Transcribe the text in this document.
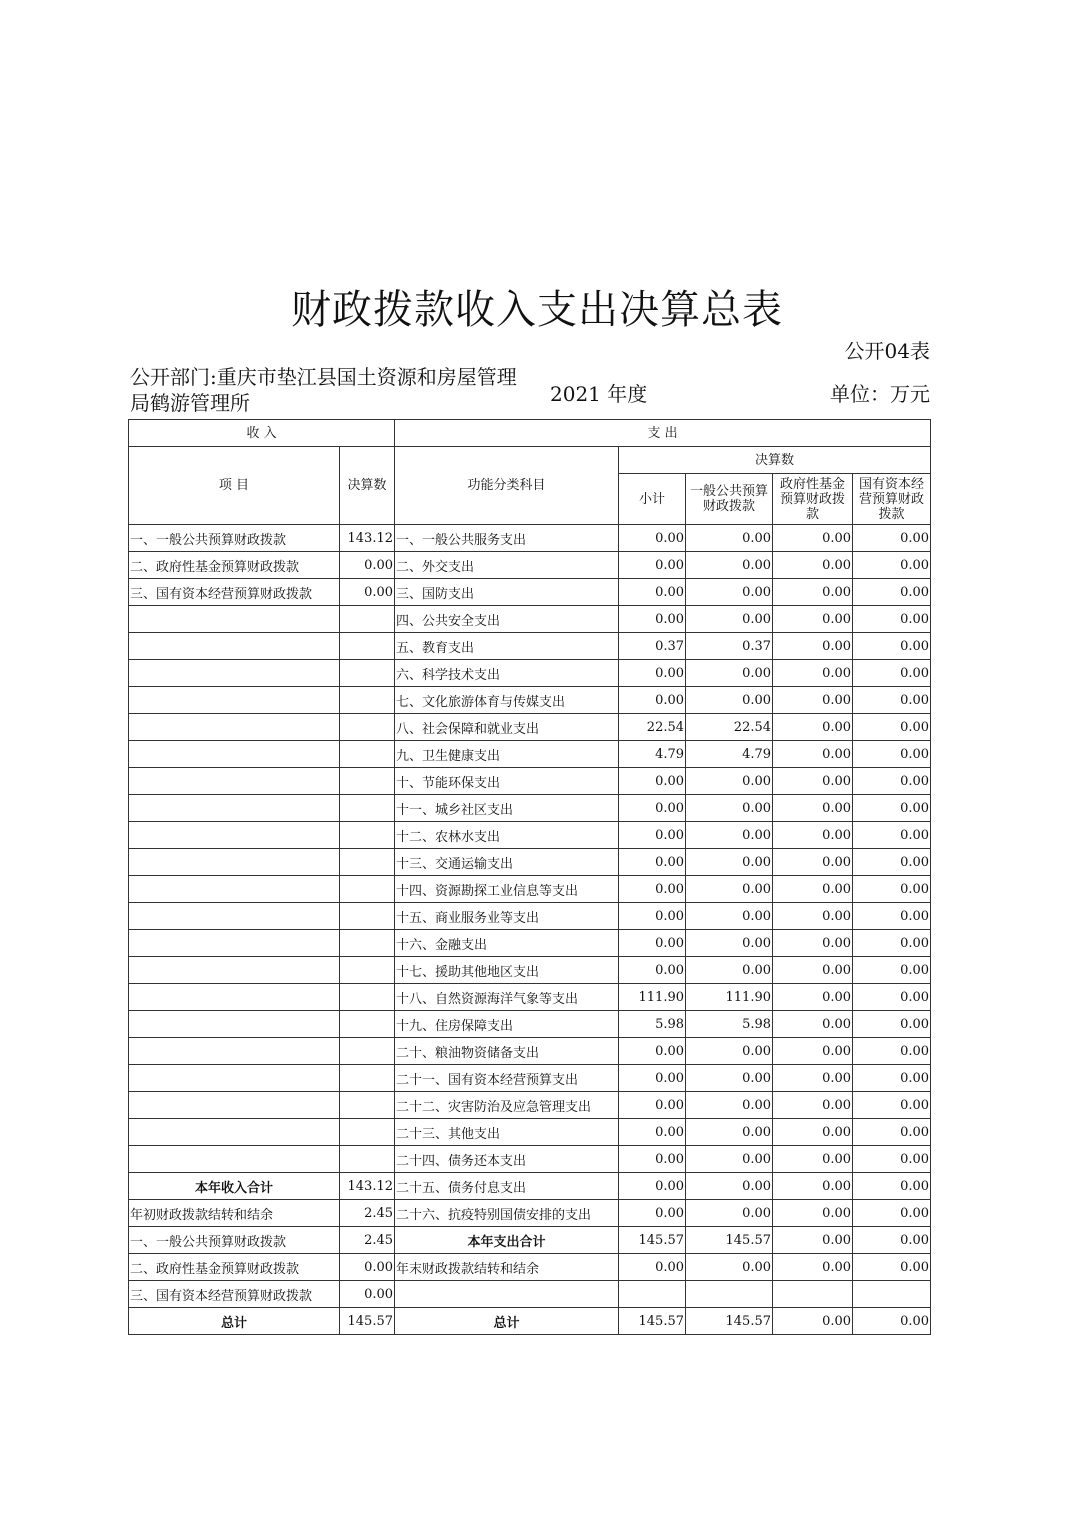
财政拨款收入支出决算总表
公开04表
公开部门:重庆市垫江县国土资源和房屋管理局鹤游管理所	2021 年度	单位：万元
收 入		支 出				
项 目	决算数	功能分类科目	决算数			
			小计	一般公共预算财政拨款	政府性基金预算财政拨款	国有资本经营预算财政拨款
一、一般公共预算财政拨款	143.12	一、一般公共服务支出	0.00	0.00	0.00	0.00
二、政府性基金预算财政拨款	0.00	二、外交支出	0.00	0.00	0.00	0.00
三、国有资本经营预算财政拨款	0.00	三、国防支出	0.00	0.00	0.00	0.00
		四、公共安全支出	0.00	0.00	0.00	0.00
		五、教育支出	0.37	0.37	0.00	0.00
		六、科学技术支出	0.00	0.00	0.00	0.00
		七、文化旅游体育与传媒支出	0.00	0.00	0.00	0.00
		八、社会保障和就业支出	22.54	22.54	0.00	0.00
		九、卫生健康支出	4.79	4.79	0.00	0.00
		十、节能环保支出	0.00	0.00	0.00	0.00
		十一、城乡社区支出	0.00	0.00	0.00	0.00
		十二、农林水支出	0.00	0.00	0.00	0.00
		十三、交通运输支出	0.00	0.00	0.00	0.00
		十四、资源勘探工业信息等支出	0.00	0.00	0.00	0.00
		十五、商业服务业等支出	0.00	0.00	0.00	0.00
		十六、金融支出	0.00	0.00	0.00	0.00
		十七、援助其他地区支出	0.00	0.00	0.00	0.00
		十八、自然资源海洋气象等支出	111.90	111.90	0.00	0.00
		十九、住房保障支出	5.98	5.98	0.00	0.00
		二十、粮油物资储备支出	0.00	0.00	0.00	0.00
		二十一、国有资本经营预算支出	0.00	0.00	0.00	0.00
		二十二、灾害防治及应急管理支出	0.00	0.00	0.00	0.00
		二十三、其他支出	0.00	0.00	0.00	0.00
		二十四、债务还本支出	0.00	0.00	0.00	0.00
本年收入合计	143.12	二十五、债务付息支出	0.00	0.00	0.00	0.00
年初财政拨款结转和结余	2.45	二十六、抗疫特别国债安排的支出	0.00	0.00	0.00	0.00
一、一般公共预算财政拨款	2.45	本年支出合计	145.57	145.57	0.00	0.00
二、政府性基金预算财政拨款	0.00	年末财政拨款结转和结余	0.00	0.00	0.00	0.00
三、国有资本经营预算财政拨款	0.00					
总计	145.57	总计	145.57	145.57	0.00	0.00
